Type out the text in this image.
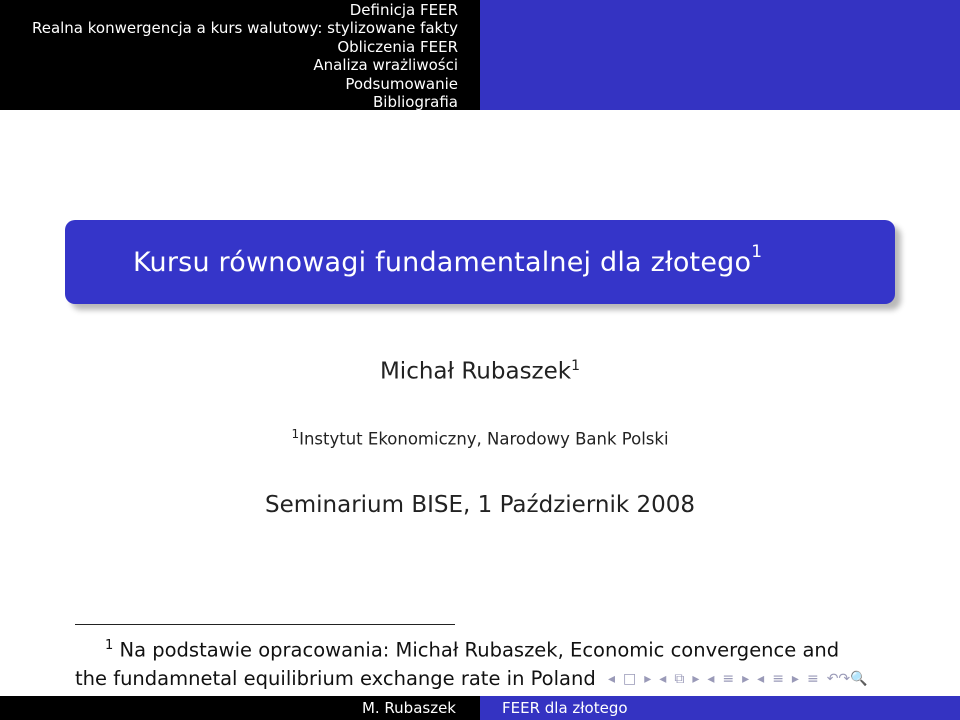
Definicja FEER
Realna konwergencja a kurs walutowy: stylizowane fakty
Obliczenia FEER
Analiza wrażliwości
Podsumowanie
Bibliografia
Kursu równowagi fundamentalnej dla złotego$^1$
Michał Rubaszek$^1$
$^1$Instytut Ekonomiczny, Narodowy Bank Polski
Seminarium BISE, 1 Październik 2008
$^1$ Na podstawie opracowania: Michał Rubaszek, Economic convergence and
the fundamnetal equilibrium exchange rate in Poland ◂ □ ▸ ◂ ⧉ ▸ ◂ ≡ ▸ ◂ ≡ ▸ ≡ ↶↷🔍
M. Rubaszek	FEER dla złotego
